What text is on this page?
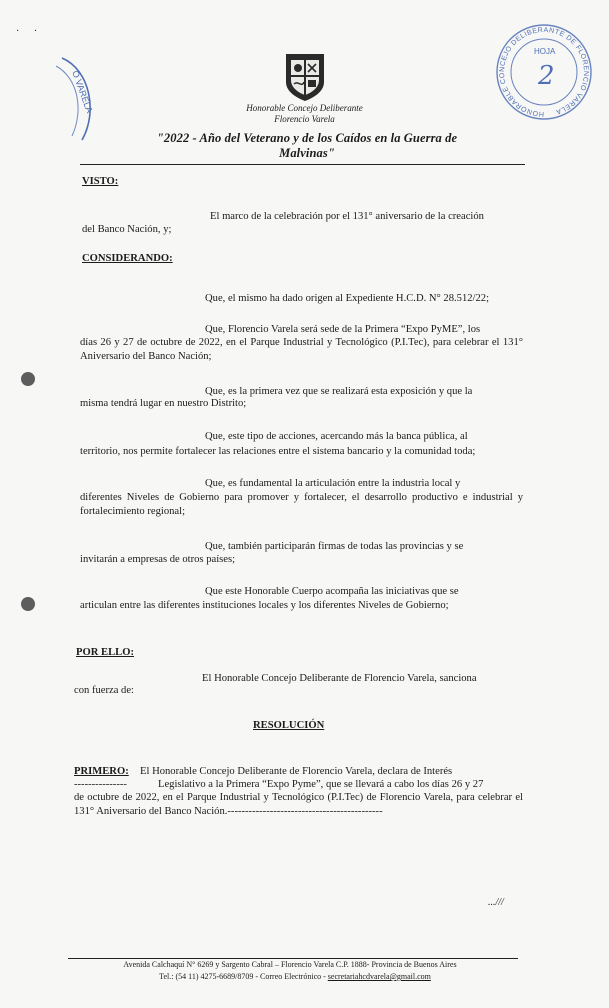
· ·
O VARELA	HONORABLE CONCEJO DELIBERANTE DE FLORENCIO VARELA
HOJA
2
Honorable Concejo Deliberante
Florencio Varela
"2022 - Año del Veterano y de los Caídos en la Guerra de Malvinas"
VISTO:
El marco de la celebración por el 131° aniversario de la creación
del Banco Nación, y;
CONSIDERANDO:
Que, el mismo ha dado origen al Expediente H.C.D. N° 28.512/22;
Que, Florencio Varela será sede de la Primera “Expo PyME”, los
días 26 y 27 de octubre de 2022, en el Parque Industrial y Tecnológico (P.I.Tec), para celebrar el 131° Aniversario del Banco Nación;
Que, es la primera vez que se realizará esta exposición y que la
misma tendrá lugar en nuestro Distrito;
Que, este tipo de acciones, acercando más la banca pública, al
territorio, nos permite fortalecer las relaciones entre el sistema bancario y la comunidad toda;
Que, es fundamental la articulación entre la industria local y
diferentes Niveles de Gobierno para promover y fortalecer, el desarrollo productivo e industrial y fortalecimiento regional;
Que, también participarán firmas de todas las provincias y se
invitarán a empresas de otros países;
Que este Honorable Cuerpo acompaña las iniciativas que se
articulan entre las diferentes instituciones locales y los diferentes Niveles de Gobierno;
POR ELLO:
El Honorable Concejo Deliberante de Florencio Varela, sanciona
con fuerza de:
RESOLUCIÓN
PRIMERO: El Honorable Concejo Deliberante de Florencio Varela, declara de Interés
---------------	Legislativo a la Primera “Expo Pyme”, que se llevará a cabo los días 26 y 27
de octubre de 2022, en el Parque Industrial y Tecnológico (P.I.Tec) de Florencio Varela, para celebrar el 131° Aniversario del Banco Nación.--------------------------------------------
...///
Avenida Calchaquí N° 6269 y Sargento Cabral – Florencio Varela C.P. 1888- Provincia de Buenos Aires
Tel.: (54 11) 4275-6689/8709 - Correo Electrónico - secretariahcdvarela@gmail.com
